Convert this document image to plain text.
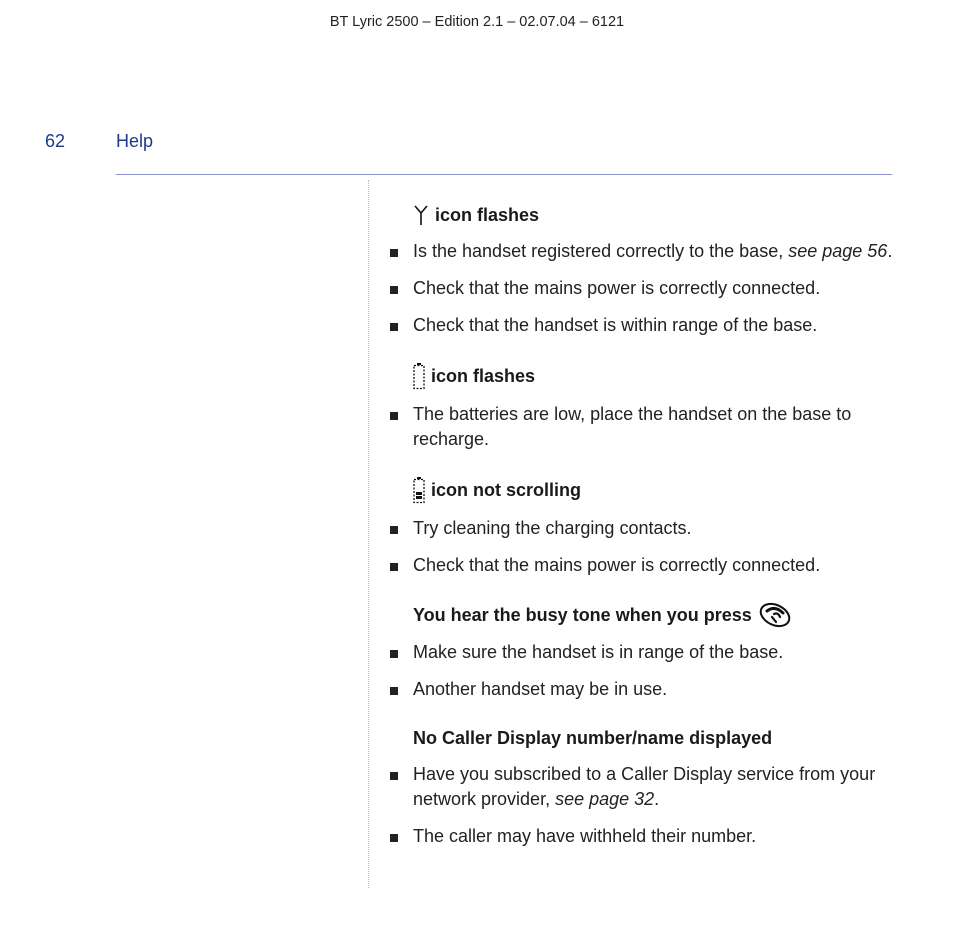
BT Lyric 2500 – Edition 2.1 – 02.07.04 – 6121
62	Help
icon flashes
Is the handset registered correctly to the base, see page 56.
Check that the mains power is correctly connected.
Check that the handset is within range of the base.
icon flashes
The batteries are low, place the handset on the base to recharge.
icon not scrolling
Try cleaning the charging contacts.
Check that the mains power is correctly connected.
You hear the busy tone when you press
Make sure the handset is in range of the base.
Another handset may be in use.
No Caller Display number/name displayed
Have you subscribed to a Caller Display service from your network provider, see page 32.
The caller may have withheld their number.
